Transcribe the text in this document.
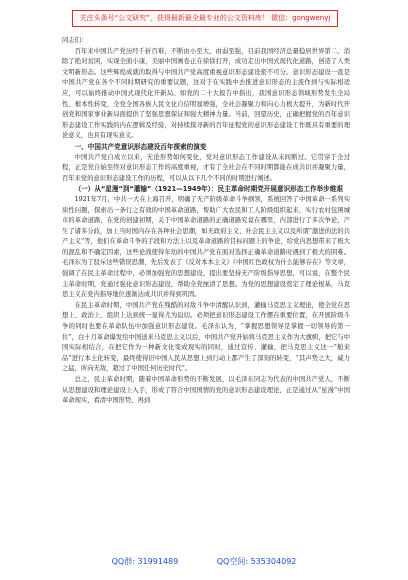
关注头条号“公文研究”，获得最新最全最专业的公文资料库！ 微信：gongwenyj

同志们：

百年来中国共产党历经千折百难，不断由小至大、由弱至强，目前我国经济总量稳居世界第二，消除了绝对贫困，实现全面小康，美丽中国画卷正在徐徐打开，成功走出中国式现代化道路，创造了人类文明新形态。这些辉煌成就的取得与中国共产党高度重视意识形态建设密不可分。意识形态建设一直是中国共产党在各个不同时期研究的重要议题，这对于在实践中去推进意识形态的主流作到与实际相适应，可以始终推动中国式现代化开新局。如党的二十大报告中指出，我国意识形态领域形势发生全局性、根本性转变，全党全国各族人民文化自信明显增强，全社会凝聚力和向心力极大提升，为新时代开创党和国家事业新局面提供了坚强思想保证和强大精神力量。当前，回望历史，正确把握党的百年意识形态建设工作实践的内在逻辑及经验，对持续探寻新的百年征程党的意识形态建设工作既具有重要的理论意义，也具有现实意义。

一、中国共产党意识形态建设百年探索的演变

中国共产党自成立以来，无论形势如何变化，党对意识形态工作建设从未间断过。它贯穿于全过程，正是党自始至终对意识形态工作的高度重视，才有了全社会在不同时期都能在成共识并凝聚力量，百年来党的意识形态建设工作的历程，可以从以下几个不同的时期进行阐述。

（一）从“星漫”到“灌输”（1921—1949年）：民主革命时期党开展意识形态工作举步维艰

1921年7月，中共一大在上海召开，明确了无产阶级革命斗争纲领，系统回答了中国革命一系列实质性问题，探索出一条行之有效的中国革命道路，帮助广大农民和工人阶级组织起来，实行农村包围城市的革命道路，在党的创建初期，关于中国革命道路的正确道路究竟在哪里，内部进行了多次争论，产生了诸多分歧，加上当时国内存在各种社会思潮，如无政府主义、社会民主主义以及所谓“激进的法的共产主义”等，他们在革命斗争的手段和方法上以及革命道路的目标问题上的争论，给党内思想带来了极大的混乱和不确定因素，这些论战使得年幼的中国共产党在面对选择正确革命道路时遇到了极大的困难。毛泽东为了驳斥这些错误思潮，先后发表了《反对本本主义》《中国红色政权为什么能够存在》等文章，强调了在民主革命过程中，必须加强党的思想建设，提出要坚持无产阶级指导思想，可以说，在整个民主革命时期，党通过强化意识形态建设，帮助全党厘清了思想。为党的思想建设奠定了理论根基，马克思主义在党内指导地位逐渐达成共识并得到巩固。

在民主革命时期，中国共产党在残酷的对敌斗争中清醒认识到，灌输马克思主义理论，使全党在思想上、政治上、组织上达到统一显得尤为迫切。必须把意识形态建设工作摆在重要位置，在开展阶级斗争的同时也要在革命队伍中加强意识形态建设。毛泽东认为，“掌握思想领导是掌握一切领导的第一位”，白十月革命爆发给中国送来马克思主义以后，中国共产党开始将马克思主义作为大旗帜，把它与中国实际相结合，在把它作为一种新文化变成现实的同时，通过宣传、灌输，把马克思主义这一“舶来品”进行本土化转变，最终使得旧中国人民从思想上到行动上都产生了深刻的转变，“其声势之大，威力之猛，所向无敌，超过了中国任何历史时代”。

总之，民主革命时期，随着中国革命形势的不断发展，以毛泽东同志为代表的中国共产党人，不断从思想建设和理论建设上入手，形成了符合中国国情的党的意识形态建设理论，正是通过从“星漫”中国革命现实，看清中国形势，再到

QQ群: 31991489	QQ空间: 535304092
